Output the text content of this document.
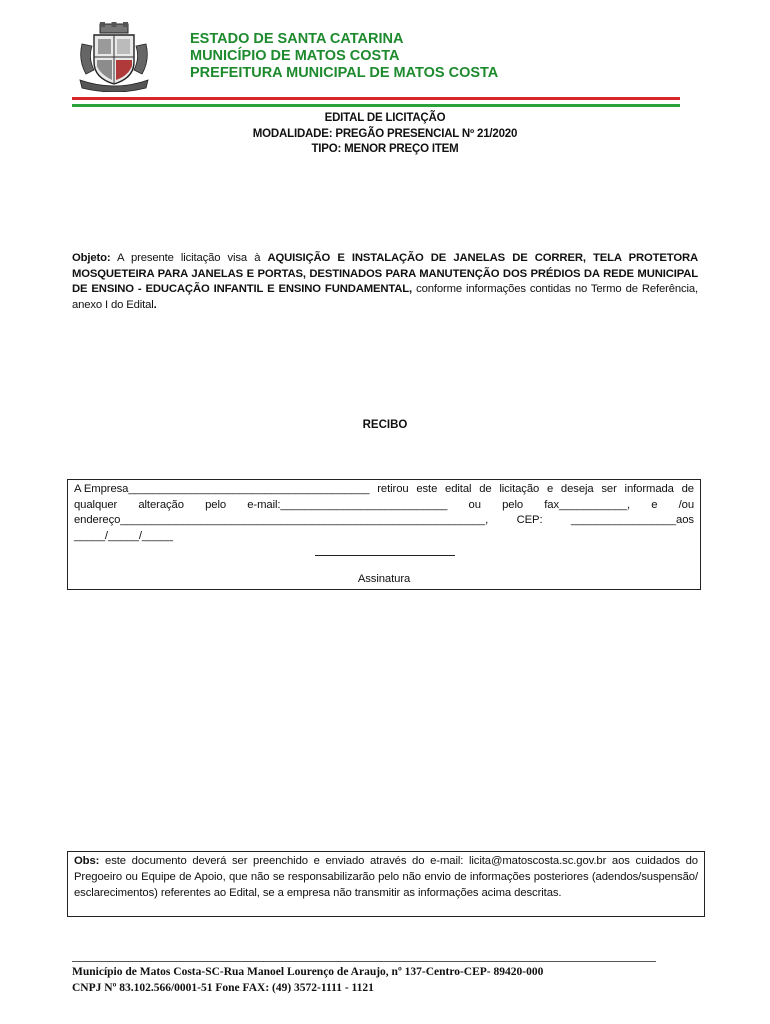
ESTADO DE SANTA CATARINA
MUNICÍPIO DE MATOS COSTA
PREFEITURA MUNICIPAL DE MATOS COSTA
EDITAL DE LICITAÇÃO
MODALIDADE: PREGÃO PRESENCIAL Nº 21/2020
TIPO: MENOR PREÇO ITEM
Objeto: A presente licitação visa à AQUISIÇÃO E INSTALAÇÃO DE JANELAS DE CORRER, TELA PROTETORA MOSQUETEIRA PARA JANELAS E PORTAS, DESTINADOS PARA MANUTENÇÃO DOS PRÉDIOS DA REDE MUNICIPAL DE ENSINO - EDUCAÇÃO INFANTIL E ENSINO FUNDAMENTAL, conforme informações contidas no Termo de Referência, anexo I do Edital.
RECIBO
A Empresa_______________________________________ retirou este edital de licitação e deseja ser informada de
qualquer alteração pelo e-mail:___________________________ ou pelo fax___________, e /ou
endereço___________________________________________________________,	CEP:	_________________aos
_____/_____/_____
Assinatura
Obs: este documento deverá ser preenchido e enviado através do e-mail: licita@matoscosta.sc.gov.br aos cuidados do Pregoeiro ou Equipe de Apoio, que não se responsabilizarão pelo não envio de informações posteriores (adendos/suspensão/ esclarecimentos) referentes ao Edital, se a empresa não transmitir as informações acima descritas.
Município de Matos Costa-SC-Rua Manoel Lourenço de Araujo, nº 137-Centro-CEP- 89420-000
CNPJ Nº 83.102.566/0001-51 Fone FAX: (49) 3572-1111 - 1121
